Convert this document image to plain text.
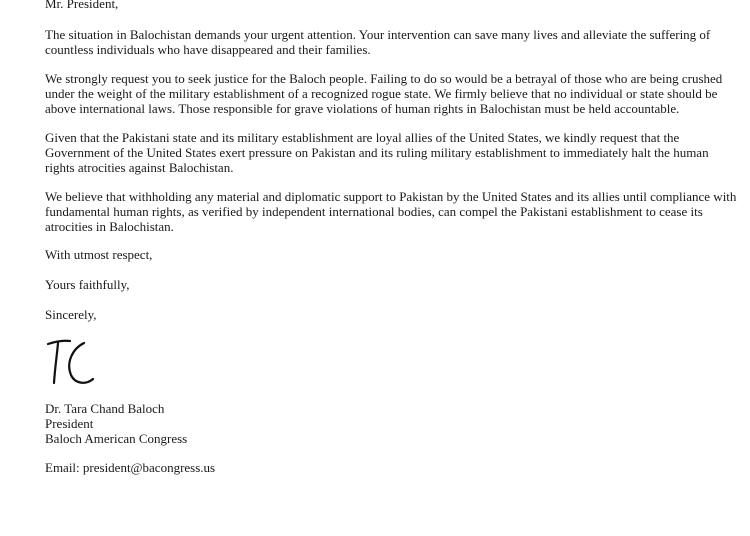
Mr. President,

The situation in Balochistan demands your urgent attention. Your intervention can save many lives and alleviate the suffering of
countless individuals who have disappeared and their families.

We strongly request you to seek justice for the Baloch people. Failing to do so would be a betrayal of those who are being crushed
under the weight of the military establishment of a recognized rogue state. We firmly believe that no individual or state should be
above international laws. Those responsible for grave violations of human rights in Balochistan must be held accountable.

Given that the Pakistani state and its military establishment are loyal allies of the United States, we kindly request that the
Government of the United States exert pressure on Pakistan and its ruling military establishment to immediately halt the human
rights atrocities against Balochistan.

We believe that withholding any material and diplomatic support to Pakistan by the United States and its allies until compliance with
fundamental human rights, as verified by independent international bodies, can compel the Pakistani establishment to cease its
atrocities in Balochistan.

With utmost respect,
Yours faithfully,
Sincerely,
Dr. Tara Chand Baloch
President
Baloch American Congress
Email: president@bacongress.us
